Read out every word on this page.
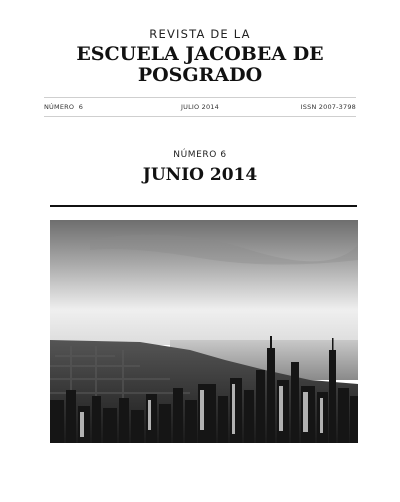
REVISTA DE LA
ESCUELA JACOBEA DE
POSGRADO
NÚMERO  6	JULIO 2014	ISSN 2007-3798
NÚMERO 6
JUNIO 2014
